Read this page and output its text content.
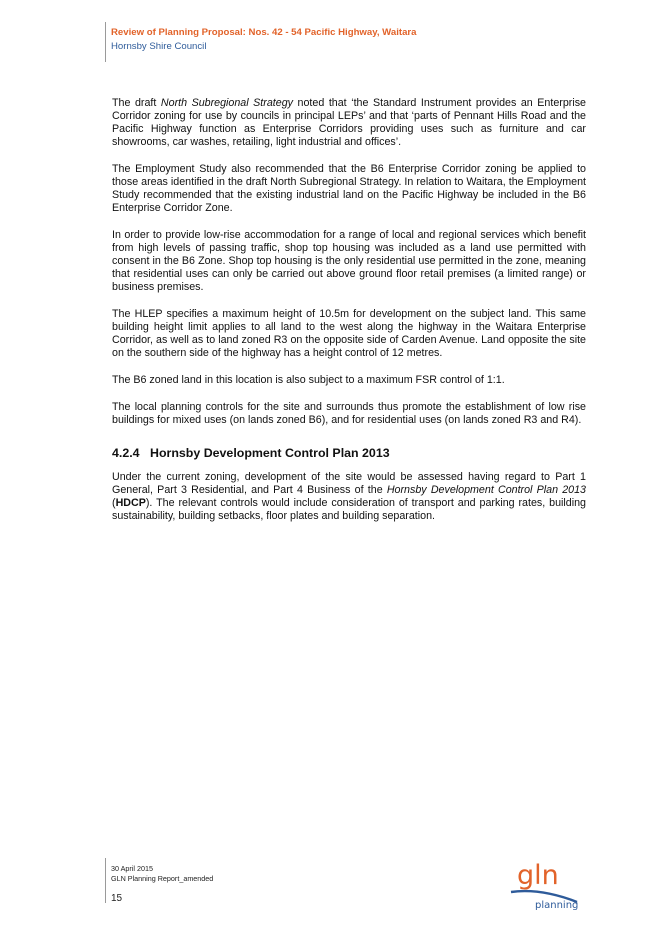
Review of Planning Proposal: Nos. 42 - 54 Pacific Highway, Waitara
Hornsby Shire Council

The draft North Subregional Strategy noted that ‘the Standard Instrument provides an Enterprise Corridor zoning for use by councils in principal LEPs’ and that ‘parts of Pennant Hills Road and the Pacific Highway function as Enterprise Corridors providing uses such as furniture and car showrooms, car washes, retailing, light industrial and offices’.

The Employment Study also recommended that the B6 Enterprise Corridor zoning be applied to those areas identified in the draft North Subregional Strategy. In relation to Waitara, the Employment Study recommended that the existing industrial land on the Pacific Highway be included in the B6 Enterprise Corridor Zone.

In order to provide low-rise accommodation for a range of local and regional services which benefit from high levels of passing traffic, shop top housing was included as a land use permitted with consent in the B6 Zone. Shop top housing is the only residential use permitted in the zone, meaning that residential uses can only be carried out above ground floor retail premises (a limited range) or business premises.

The HLEP specifies a maximum height of 10.5m for development on the subject land. This same building height limit applies to all land to the west along the highway in the Waitara Enterprise Corridor, as well as to land zoned R3 on the opposite side of Carden Avenue. Land opposite the site on the southern side of the highway has a height control of 12 metres.

The B6 zoned land in this location is also subject to a maximum FSR control of 1:1.

The local planning controls for the site and surrounds thus promote the establishment of low rise buildings for mixed uses (on lands zoned B6), and for residential uses (on lands zoned R3 and R4).

4.2.4 Hornsby Development Control Plan 2013

Under the current zoning, development of the site would be assessed having regard to Part 1 General, Part 3 Residential, and Part 4 Business of the Hornsby Development Control Plan 2013 (HDCP). The relevant controls would include consideration of transport and parking rates, building sustainability, building setbacks, floor plates and building separation.

30 April 2015
GLN Planning Report_amended
15
gln
planning
